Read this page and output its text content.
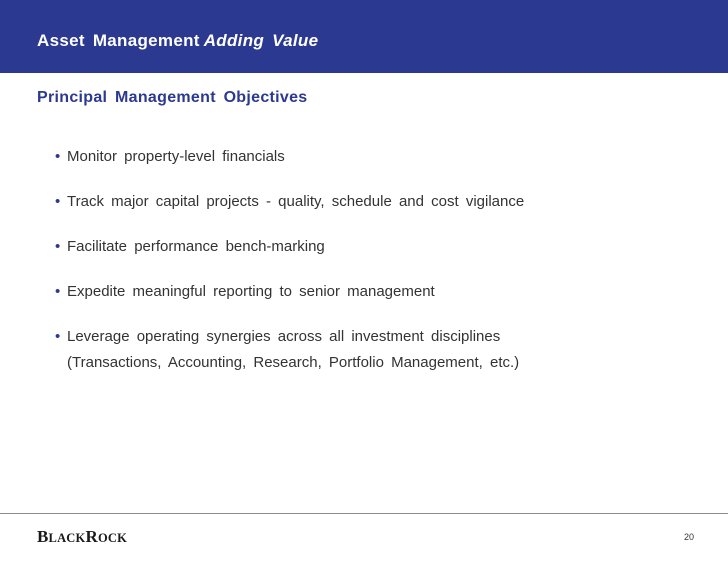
Asset Management Adding Value
Principal Management Objectives
• Monitor property-level financials
• Track major capital projects - quality, schedule and cost vigilance
• Facilitate performance bench-marking
• Expedite meaningful reporting to senior management
• Leverage operating synergies across all investment disciplines
(Transactions, Accounting, Research, Portfolio Management, etc.)
BLACKROCK	20
